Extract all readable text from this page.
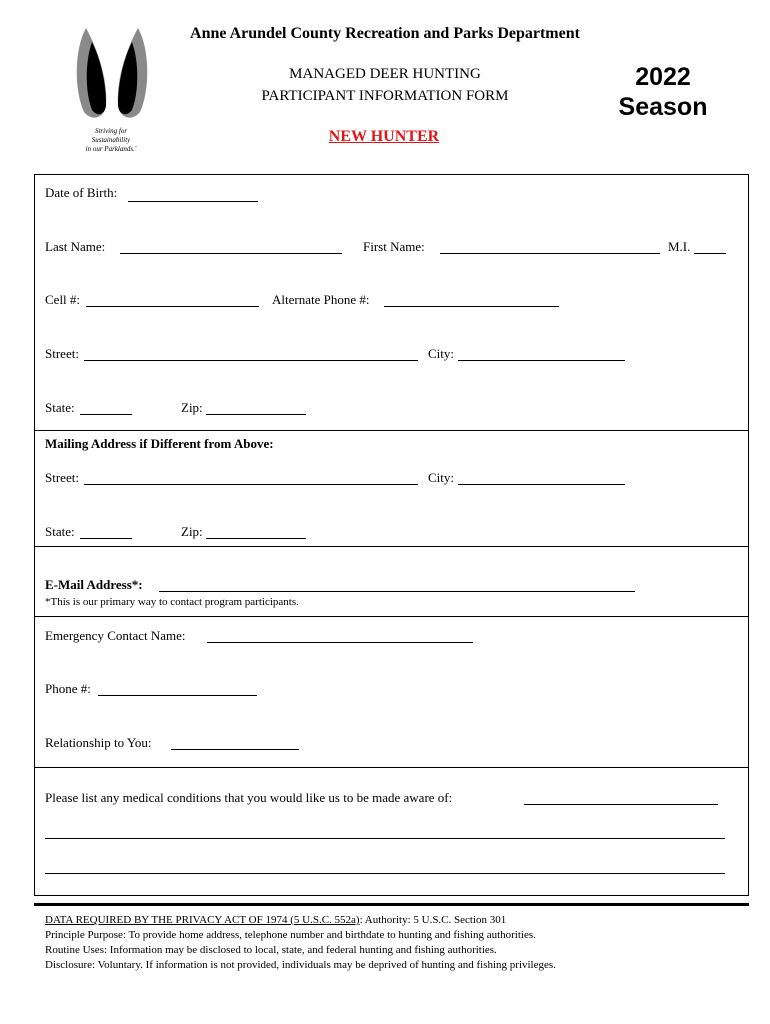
Striving for
Sustainability
in our Parklands.'
Anne Arundel County Recreation and Parks Department
MANAGED DEER HUNTING
PARTICIPANT INFORMATION FORM
2022
Season
NEW HUNTER
Date of Birth:
Last Name:	First Name:	M.I.
Cell #:	Alternate Phone #:
Street:	City:
State:	Zip:
Mailing Address if Different from Above:
Street:	City:
State:	Zip:
E-Mail Address*:
*This is our primary way to contact program participants.
Emergency Contact Name:
Phone #:
Relationship to You:
Please list any medical conditions that you would like us to be made aware of:
DATA REQUIRED BY THE PRIVACY ACT OF 1974 (5 U.S.C. 552a): Authority: 5 U.S.C. Section 301
Principle Purpose: To provide home address, telephone number and birthdate to hunting and fishing authorities.
Routine Uses: Information may be disclosed to local, state, and federal hunting and fishing authorities.
Disclosure: Voluntary. If information is not provided, individuals may be deprived of hunting and fishing privileges.
